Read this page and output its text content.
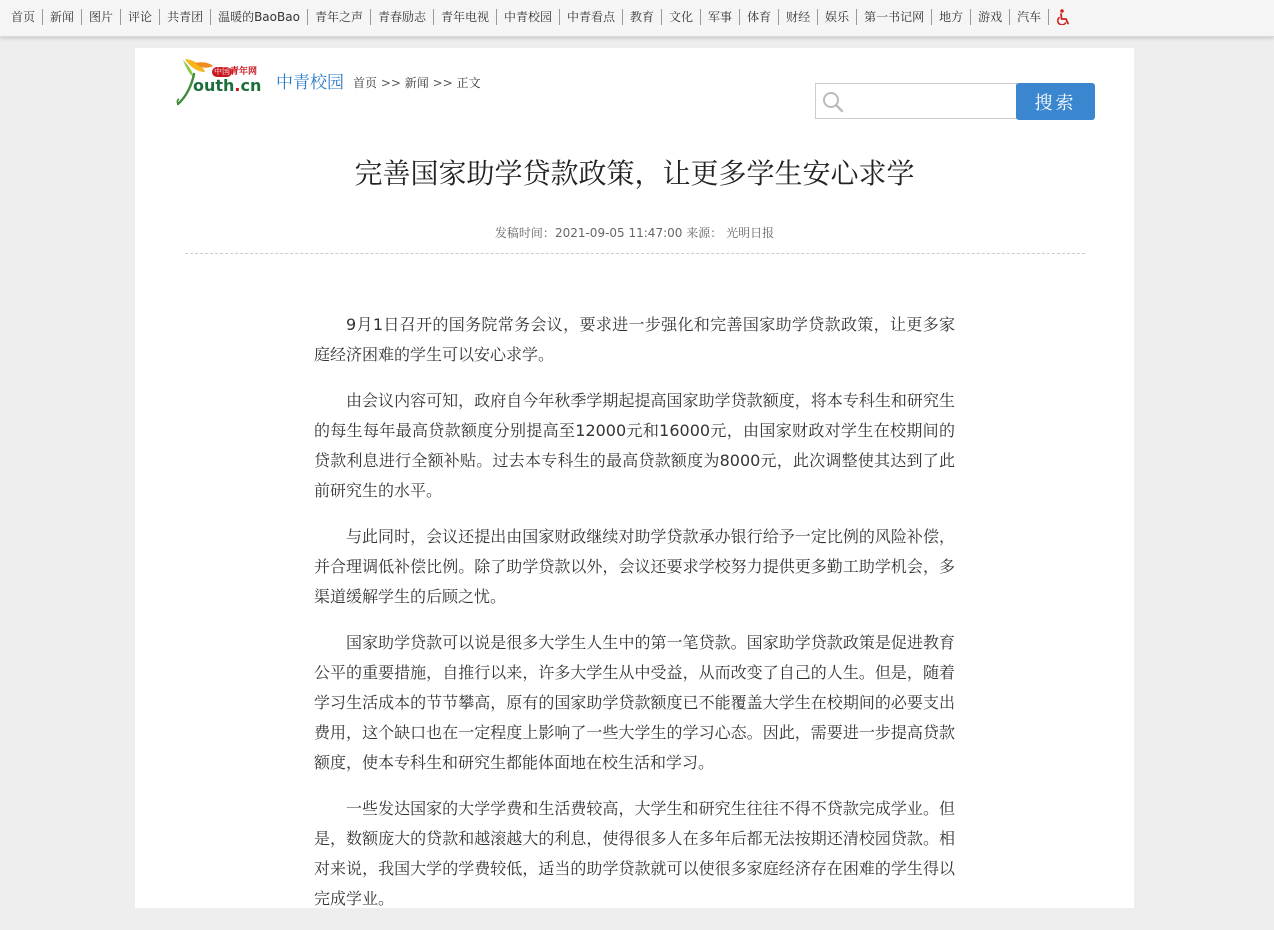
首页	新闻	图片	评论	共青团	温暖的BaoBao	青年之声	青春励志	青年电视	中青校园	中青看点	教育	文化	军事	体育	财经	娱乐	第一书记网	地方	游戏	汽车
中国 青年网
outh.cn 中青校园 首页 >> 新闻 >> 正文
搜索
完善国家助学贷款政策，让更多学生安心求学
发稿时间：2021-09-05 11:47:00 来源： 光明日报

9月1日召开的国务院常务会议，要求进一步强化和完善国家助学贷款政策，让更多家庭经济困难的学生可以安心求学。

由会议内容可知，政府自今年秋季学期起提高国家助学贷款额度，将本专科生和研究生的每生每年最高贷款额度分别提高至12000元和16000元，由国家财政对学生在校期间的贷款利息进行全额补贴。过去本专科生的最高贷款额度为8000元，此次调整使其达到了此前研究生的水平。

与此同时，会议还提出由国家财政继续对助学贷款承办银行给予一定比例的风险补偿，并合理调低补偿比例。除了助学贷款以外，会议还要求学校努力提供更多勤工助学机会，多渠道缓解学生的后顾之忧。

国家助学贷款可以说是很多大学生人生中的第一笔贷款。国家助学贷款政策是促进教育公平的重要措施，自推行以来，许多大学生从中受益，从而改变了自己的人生。但是，随着学习生活成本的节节攀高，原有的国家助学贷款额度已不能覆盖大学生在校期间的必要支出费用，这个缺口也在一定程度上影响了一些大学生的学习心态。因此，需要进一步提高贷款额度，使本专科生和研究生都能体面地在校生活和学习。

一些发达国家的大学学费和生活费较高，大学生和研究生往往不得不贷款完成学业。但是，数额庞大的贷款和越滚越大的利息，使得很多人在多年后都无法按期还清校园贷款。相对来说，我国大学的学费较低，适当的助学贷款就可以使很多家庭经济存在困难的学生得以完成学业。
